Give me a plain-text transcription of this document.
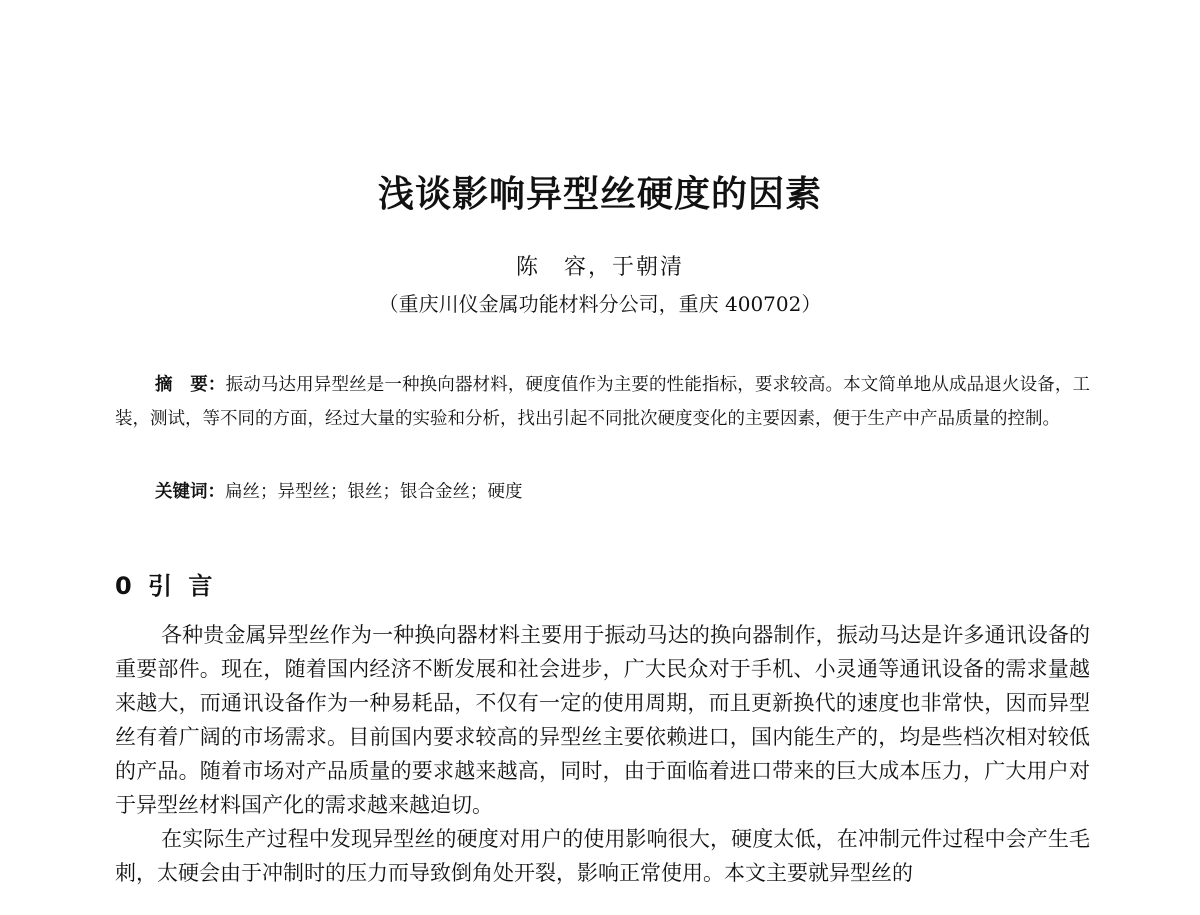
浅谈影响异型丝硬度的因素
陈　容，于朝清
（重庆川仪金属功能材料分公司，重庆 400702）
摘　要：振动马达用异型丝是一种换向器材料，硬度值作为主要的性能指标，要求较高。本文简单地从成品退火设备，工装，测试，等不同的方面，经过大量的实验和分析，找出引起不同批次硬度变化的主要因素，便于生产中产品质量的控制。
关键词：扁丝；异型丝；银丝；银合金丝；硬度
0 引 言

各种贵金属异型丝作为一种换向器材料主要用于振动马达的换向器制作，振动马达是许多通讯设备的重要部件。现在，随着国内经济不断发展和社会进步，广大民众对于手机、小灵通等通讯设备的需求量越来越大，而通讯设备作为一种易耗品，不仅有一定的使用周期，而且更新换代的速度也非常快，因而异型丝有着广阔的市场需求。目前国内要求较高的异型丝主要依赖进口，国内能生产的，均是些档次相对较低的产品。随着市场对产品质量的要求越来越高，同时，由于面临着进口带来的巨大成本压力，广大用户对于异型丝材料国产化的需求越来越迫切。

在实际生产过程中发现异型丝的硬度对用户的使用影响很大，硬度太低，在冲制元件过程中会产生毛刺，太硬会由于冲制时的压力而导致倒角处开裂，影响正常使用。本文主要就异型丝的
